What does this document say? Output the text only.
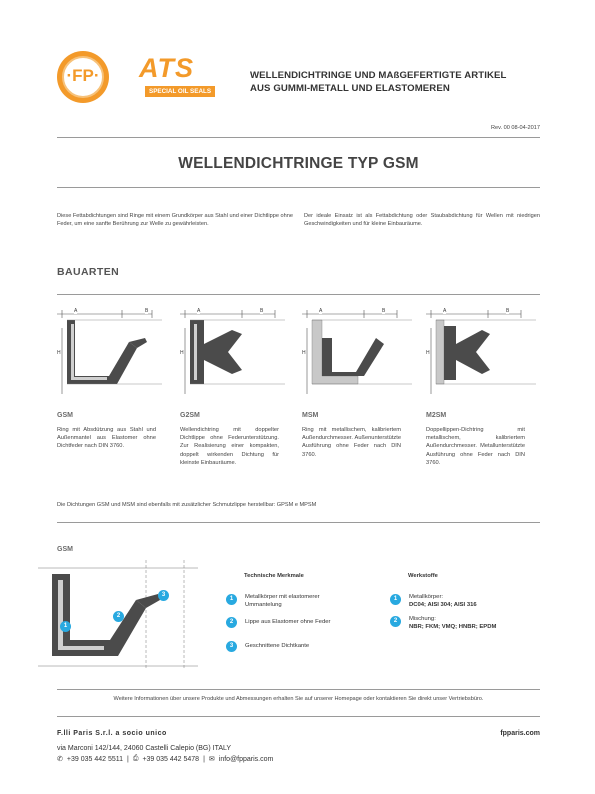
·FP·	ATS
SPECIAL OIL SEALS
WELLENDICHTRINGE UND MAßGEFERTIGTE ARTIKEL
AUS GUMMI-METALL UND ELASTOMEREN
Rev. 00 08-04-2017
WELLENDICHTRINGE TYP GSM
Diese Fettabdichtungen sind Ringe mit einem Grundkörper aus Stahl und einer Dichtlippe ohne Feder, um eine sanfte Berührung zur Welle zu gewährleisten.
Der ideale Einsatz ist als Fettabdichtung oder Staubabdichtung für Wellen mit niedrigen Geschwindigkeiten und für kleine Einbauräume.
BAUARTEN
A	B
H
A	B
H
A	B
H
A	B
H
GSM
Ring mit Absdützung aus Stahl und Außenmantel aus Elastomer ohne Dichtfeder nach DIN 3760.
G2SM
Wellendichtring mit doppelter Dichtlippe ohne Federunterstützung. Zur Realisierung einer kompakten, doppelt wirkenden Dichtung für kleinste Einbauräume.
MSM
Ring mit metallischem, kalibriertem Außendurchmesser. Außenunterstützte Ausführung ohne Feder nach DIN 3760.
M2SM
Doppellippen-Dichtring mit metallischem, kalibriertem Außendurchmesser. Metallunterstützte Ausführung ohne Feder nach DIN 3760.
Die Dichtungen GSM und MSM sind ebenfalls mit zusätzlicher Schmutzlippe herstellbar: GPSM e MPSM
GSM
1
2
3
Technische Merkmale
1	Metallkörper mit elastomerer
Ummantelung
2	Lippe aus Elastomer ohne Feder
3	Geschnittene Dichtkante
Werkstoffe
1	Metallkörper:
DC04; AISI 304; AISI 316
2	Mischung:
NBR; FKM; VMQ; HNBR; EPDM
Weitere Informationen über unsere Produkte und Abmessungen erhalten Sie auf unserer Homepage oder kontaktieren Sie direkt unser Vertriebsbüro.
F.lli Paris S.r.l. a socio unico	fpparis.com
via Marconi 142/144, 24060 Castelli Calepio (BG) ITALY
✆ +39 035 442 5511 | ⎙ +39 035 442 5478 | ✉ info@fpparis.com
